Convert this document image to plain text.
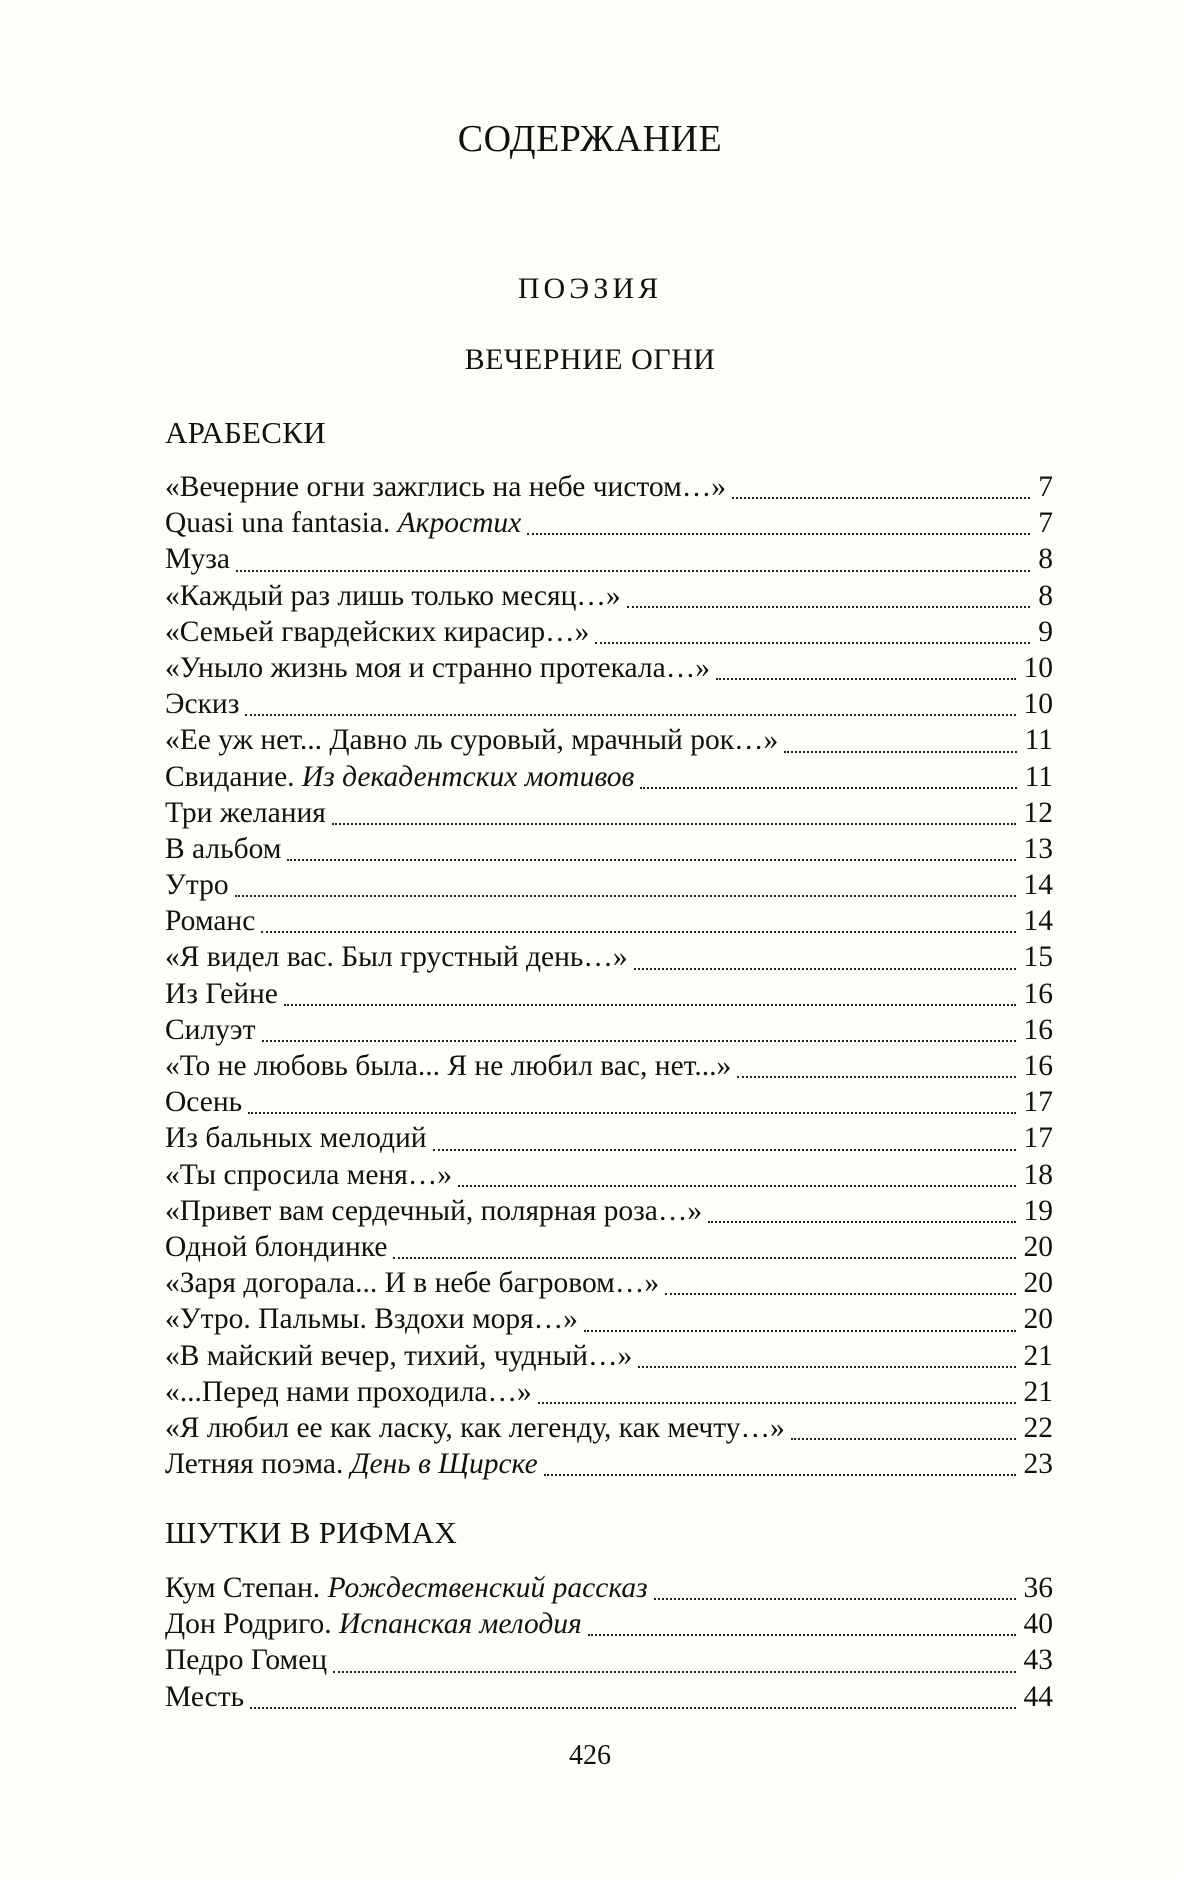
СОДЕРЖАНИЕ
ПОЭЗИЯ
ВЕЧЕРНИЕ ОГНИ
АРАБЕСКИ
«Вечерние огни зажглись на небе чистом…»	7
Quasi una fantasia. Акростих	7
Муза	8
«Каждый раз лишь только месяц…»	8
«Семьей гвардейских кирасир…»	9
«Уныло жизнь моя и странно протекала…»	10
Эскиз	10
«Ее уж нет... Давно ль суровый, мрачный рок…»	11
Свидание. Из декадентских мотивов	11
Три желания	12
В альбом	13
Утро	14
Романс	14
«Я видел вас. Был грустный день…»	15
Из Гейне	16
Силуэт	16
«То не любовь была... Я не любил вас, нет...»	16
Осень	17
Из бальных мелодий	17
«Ты спросила меня…»	18
«Привет вам сердечный, полярная роза…»	19
Одной блондинке	20
«Заря догорала... И в небе багровом…»	20
«Утро. Пальмы. Вздохи моря…»	20
«В майский вечер, тихий, чудный…»	21
«...Перед нами проходила…»	21
«Я любил ее как ласку, как легенду, как мечту…»	22
Летняя поэма. День в Щирске	23
ШУТКИ В РИФМАХ
Кум Степан. Рождественский рассказ	36
Дон Родриго. Испанская мелодия	40
Педро Гомец	43
Месть	44
426
